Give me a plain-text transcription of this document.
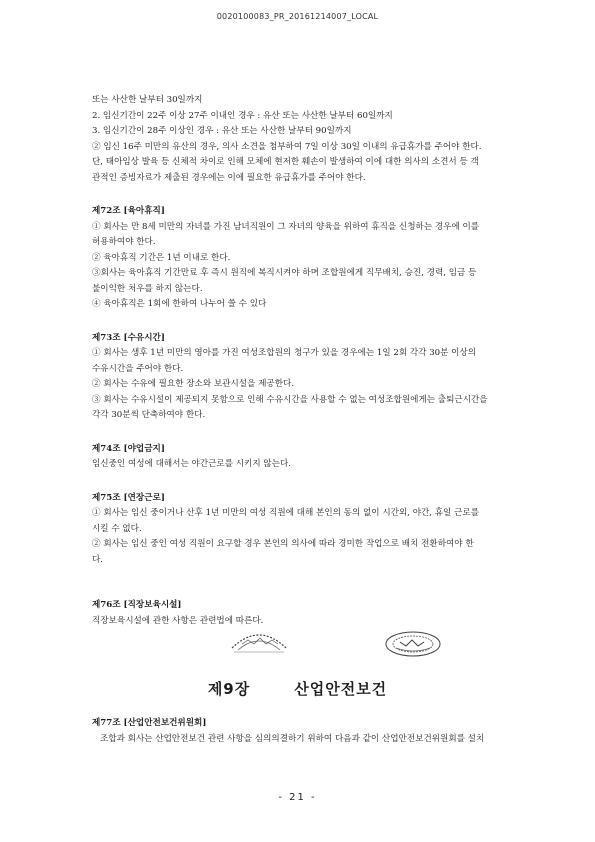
0020100083_PR_20161214007_LOCAL
또는 사산한 날부터 30일까지
2. 임신기간이 22주 이상 27주 이내인 경우 : 유산 또는 사산한 날부터 60일까지
3. 임신기간이 28주 이상인 경우 : 유산 또는 사산한 날부터 90일까지
② 임신 16주 미만의 유산의 경우, 의사 소견을 첨부하여 7일 이상 30일 이내의 유급휴가를 주어야 한다.
단, 태아임상 발육 등 신체적 차이로 인해 모체에 현저한 훼손이 발생하여 이에 대한 의사의 소견서 등 객
관적인 증빙자료가 제출된 경우에는 이에 필요한 유급휴가를 주어야 한다.
제72조 [육아휴직]
① 회사는 만 8세 미만의 자녀를 가진 남녀직원이 그 자녀의 양육을 위하여 휴직을 신청하는 경우에 이를
허용하여야 한다.
② 육아휴직 기간은 1년 이내로 한다.
③회사는 육아휴직 기간만료 후 즉시 원직에 복직시켜야 하며 조합원에게 직무배치, 승진, 경력, 임금 등
불이익한 처우를 하지 않는다.
④ 육아휴직은 1회에 한하여 나누어 쓸 수 있다
제73조 [수유시간]
① 회사는 생후 1년 미만의 영아를 가진 여성조합원의 청구가 있을 경우에는 1일 2회 각각 30분 이상의
수유시간을 주어야 한다.
② 회사는 수유에 필요한 장소와 보관시설을 제공한다.
③ 회사는 수유시설이 제공되지 못함으로 인해 수유시간을 사용할 수 없는 여성조합원에게는 출퇴근시간을
각각 30분씩 단축하여야 한다.
제74조 [야업금지]
임신중인 여성에 대해서는 야간근로를 시키지 않는다.
제75조 [연장근로]
① 회사는 임신 중이거나 산후 1년 미만의 여성 직원에 대해 본인의 동의 없이 시간외, 야간, 휴일 근로를
시킬 수 없다.
② 회사는 임신 중인 여성 직원이 요구할 경우 본인의 의사에 따라 경미한 작업으로 배치 전환하여야 한
다.
제76조 [직장보육시설]
직장보육시설에 관한 사항은 관련법에 따른다.
제9장	산업안전보건
제77조 [산업안전보건위원회]
조합과 회사는 산업안전보건 관련 사항을 심의의결하기 위하여 다음과 같이 산업안전보건위원회를 설치
- 21 -
